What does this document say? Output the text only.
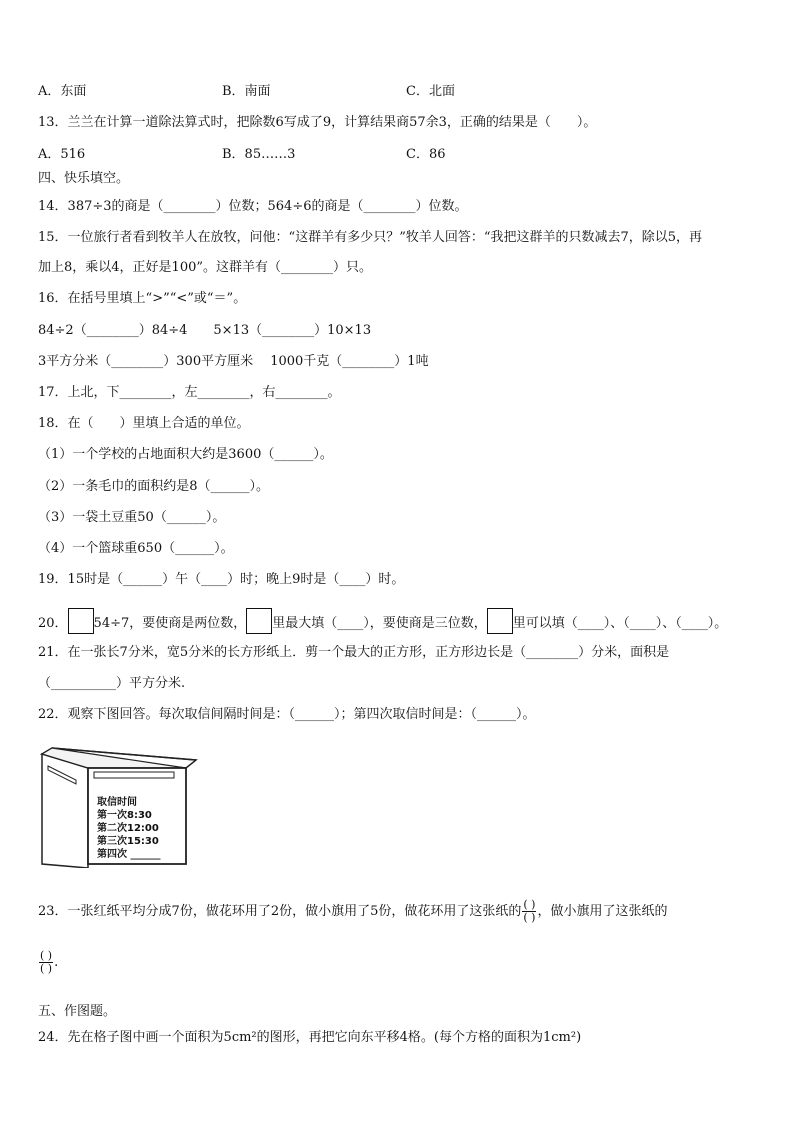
A．东面	B．南面	C．北面
13．兰兰在计算一道除法算式时，把除数6写成了9，计算结果商57余3，正确的结果是（　　）。
A．516	B．85……3	C．86
四、快乐填空。
14．387÷3的商是（________）位数；564÷6的商是（________）位数。
15．一位旅行者看到牧羊人在放牧，问他：“这群羊有多少只？”牧羊人回答：“我把这群羊的只数减去7，除以5，再
加上8，乘以4，正好是100”。这群羊有（________）只。
16．在括号里填上“>”“<”或“＝”。
84÷2（________）84÷4　　5×13（________）10×13
3平方分米（________）300平方厘米　 1000千克（________）1吨
17．上北，下________，左________，右________。
18．在（　　）里填上合适的单位。
（1）一个学校的占地面积大约是3600（______）。
（2）一条毛巾的面积约是8（______）。
（3）一袋土豆重50（______）。
（4）一个篮球重650（______）。
19．15时是（______）午（____）时；晚上9时是（____）时。
20． 54÷7，要使商是两位数， 里最大填（____），要使商是三位数， 里可以填（____）、（____）、（____）。
21．在一张长7分米，宽5分米的长方形纸上．剪一个最大的正方形，正方形边长是（________）分米，面积是
（__________）平方分米.
22．观察下图回答。每次取信间隔时间是：（______）；第四次取信时间是：（______）。
取信时间
第一次8:30
第二次12:00
第三次15:30
第四次 ______
23．一张红纸平均分成7份，做花环用了2份，做小旗用了5份，做花环用了这张纸的 $\frac{( )}{( )}$ ，做小旗用了这张纸的
$\frac{( )}{( )}$ .
五、作图题。
24．先在格子图中画一个面积为5cm²的图形，再把它向东平移4格。(每个方格的面积为1cm²)
